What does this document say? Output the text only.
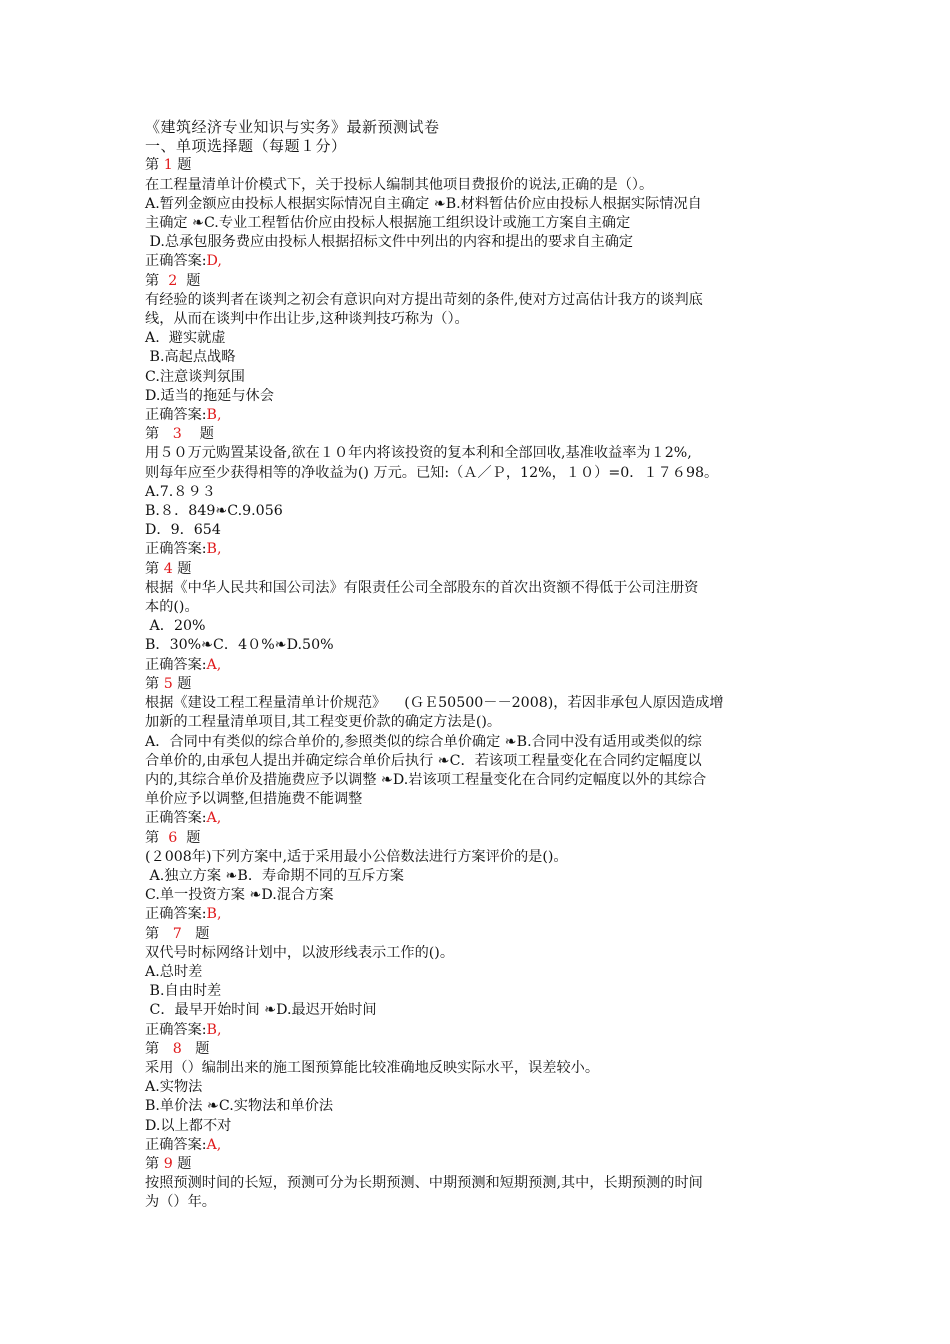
《建筑经济专业知识与实务》最新预测试卷

一、单项选择题（每题１分）

第 1 题

在工程量清单计价模式下，关于投标人编制其他项目费报价的说法,正确的是（）。

A.暂列金额应由投标人根据实际情况自主确定 ❧B.材料暂估价应由投标人根据实际情况自

主确定 ❧C.专业工程暂估价应由投标人根据施工组织设计或施工方案自主确定

D.总承包服务费应由投标人根据招标文件中列出的内容和提出的要求自主确定

正确答案:D,

第  2  题

有经验的谈判者在谈判之初会有意识向对方提出苛刻的条件,使对方过高估计我方的谈判底

线，从而在谈判中作出让步,这种谈判技巧称为（）。

A.  避实就虚

B.高起点战略

C.注意谈判氛围

D.适当的拖延与休会

正确答案:B,

第   3    题

用５０万元购置某设备,欲在１０年内将该投资的复本利和全部回收,基准收益率为１2%,

则每年应至少获得相等的净收益为() 万元。已知:（Ａ／Ｐ，12%，１０）=0．１７６98。

A.7.８９３

B.８．849❧C.9.056

D．9．654

正确答案:B,

第 4 题

根据《中华人民共和国公司法》有限责任公司全部股东的首次出资额不得低于公司注册资

本的()。

A．20%

B．30%❧C．4０%❧D.50%

正确答案:A,

第 5 题

根据《建设工程工程量清单计价规范》    (ＧＥ50500－－2008)，若因非承包人原因造成增

加新的工程量清单项目,其工程变更价款的确定方法是()。

A．合同中有类似的综合单价的,参照类似的综合单价确定 ❧B.合同中没有适用或类似的综

合单价的,由承包人提出并确定综合单价后执行 ❧C．若该项工程量变化在合同约定幅度以

内的,其综合单价及措施费应予以调整 ❧D.岩该项工程量变化在合同约定幅度以外的其综合

单价应予以调整,但措施费不能调整

正确答案:A,

第  6  题

(２008年)下列方案中,适于采用最小公倍数法进行方案评价的是()。

A.独立方案 ❧B．寿命期不同的互斥方案

C.单一投资方案 ❧D.混合方案

正确答案:B,

第   7   题

双代号时标网络计划中，以波形线表示工作的()。

A.总时差

B.自由时差

C．最早开始时间 ❧D.最迟开始时间

正确答案:B,

第   8   题

采用（）编制出来的施工图预算能比较准确地反映实际水平，误差较小。

A.实物法

B.单价法 ❧C.实物法和单价法

D.以上都不对

正确答案:A,

第 9 题

按照预测时间的长短，预测可分为长期预测、中期预测和短期预测,其中，长期预测的时间

为（）年。
